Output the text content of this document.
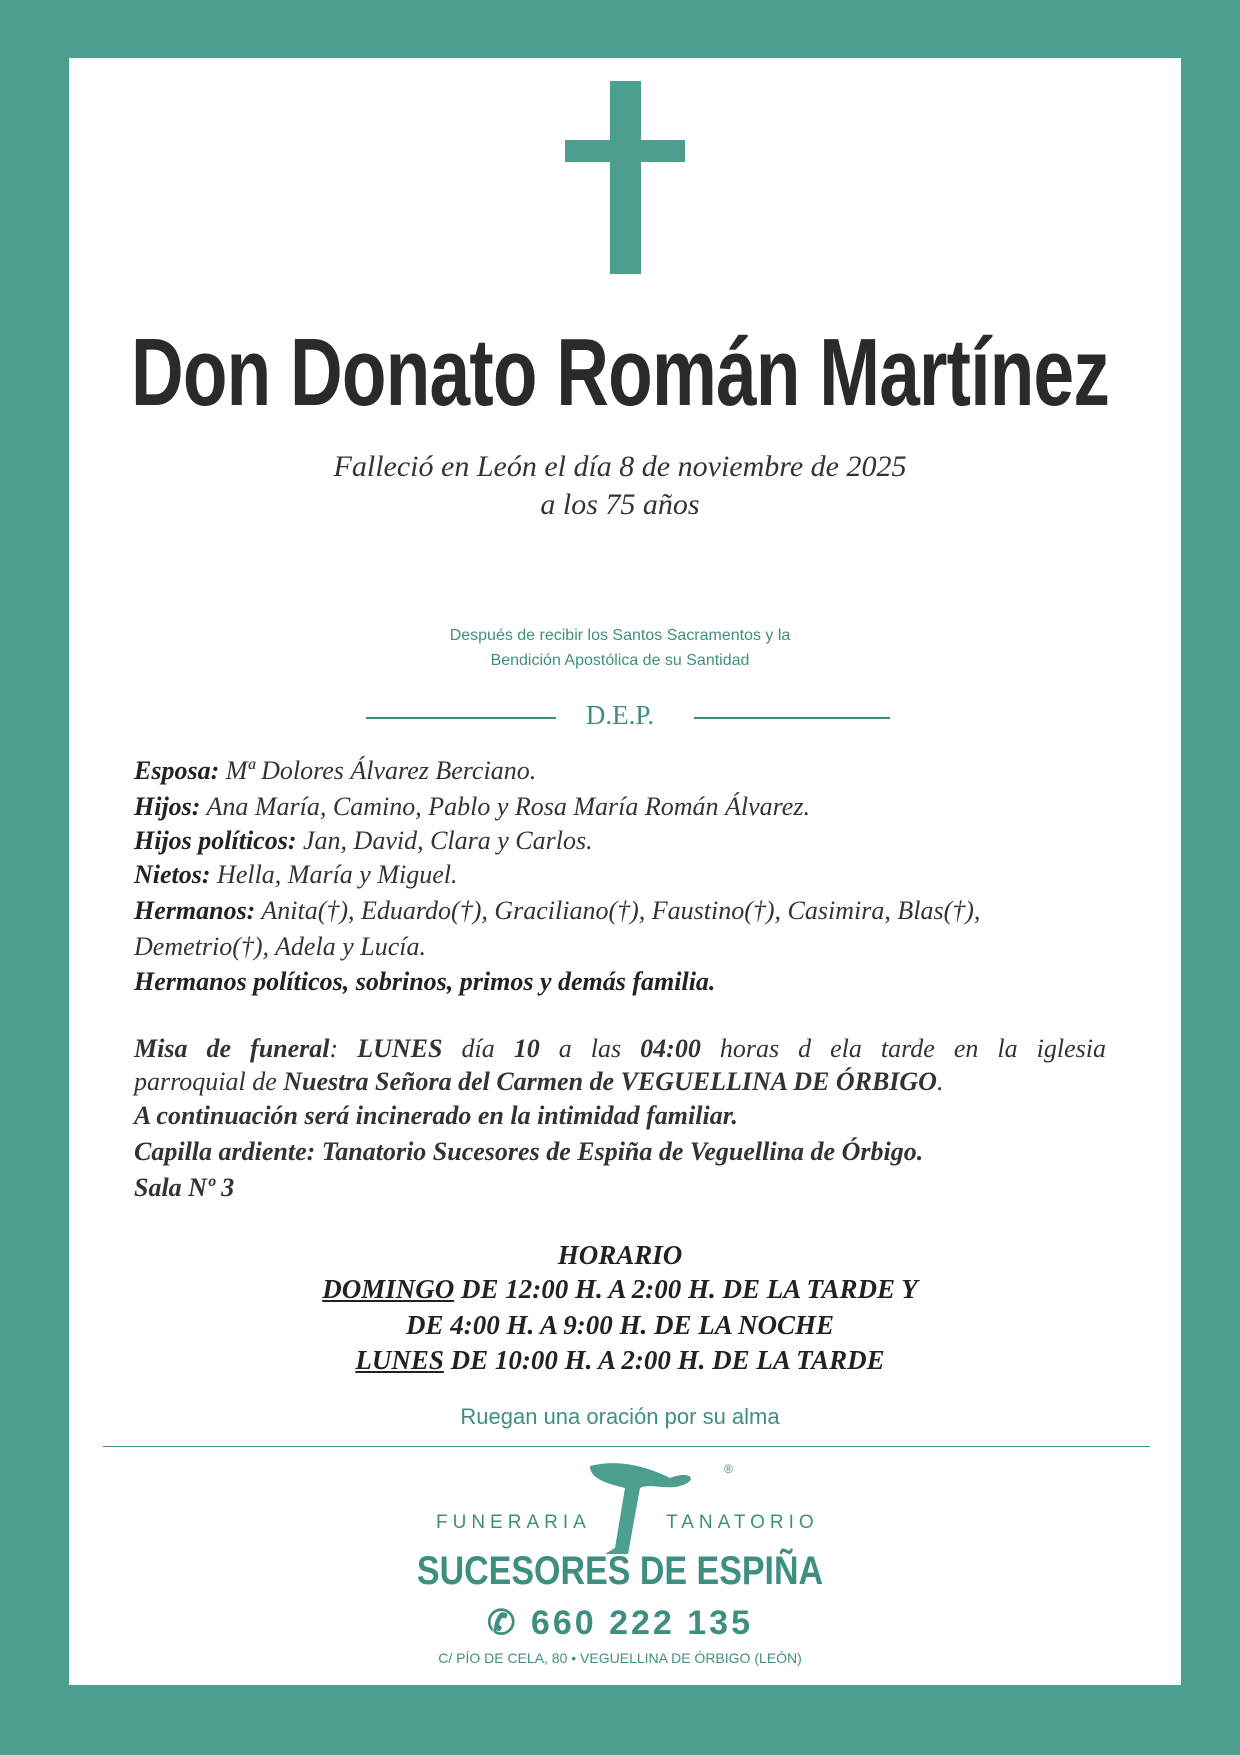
Don Donato Román Martínez
Falleció en León el día 8 de noviembre de 2025
a los 75 años
Después de recibir los Santos Sacramentos y la
Bendición Apostólica de su Santidad
D.E.P.
Esposa: Mª Dolores Álvarez Berciano.
Hijos: Ana María, Camino, Pablo y Rosa María Román Álvarez.
Hijos políticos: Jan, David, Clara y Carlos.
Nietos: Hella, María y Miguel.
Hermanos: Anita(†), Eduardo(†), Graciliano(†), Faustino(†), Casimira, Blas(†),
Demetrio(†), Adela y Lucía.
Hermanos políticos, sobrinos, primos y demás familia.
Misa de funeral: LUNES día 10 a las 04:00 horas d ela tarde en la iglesia
parroquial de Nuestra Señora del Carmen de VEGUELLINA DE ÓRBIGO.
A continuación será incinerado en la intimidad familiar.
Capilla ardiente: Tanatorio Sucesores de Espiña de Veguellina de Órbigo.
Sala Nº 3
HORARIO
DOMINGO DE 12:00 H. A 2:00 H. DE LA TARDE Y
DE 4:00 H. A 9:00 H. DE LA NOCHE
LUNES DE 10:00 H. A 2:00 H. DE LA TARDE
Ruegan una oración por su alma
®
FUNERARIA	TANATORIO
SUCESORES DE ESPIÑA
✆ 660 222 135
C/ PÍO DE CELA, 80 • VEGUELLINA DE ÓRBIGO (LEÓN)
